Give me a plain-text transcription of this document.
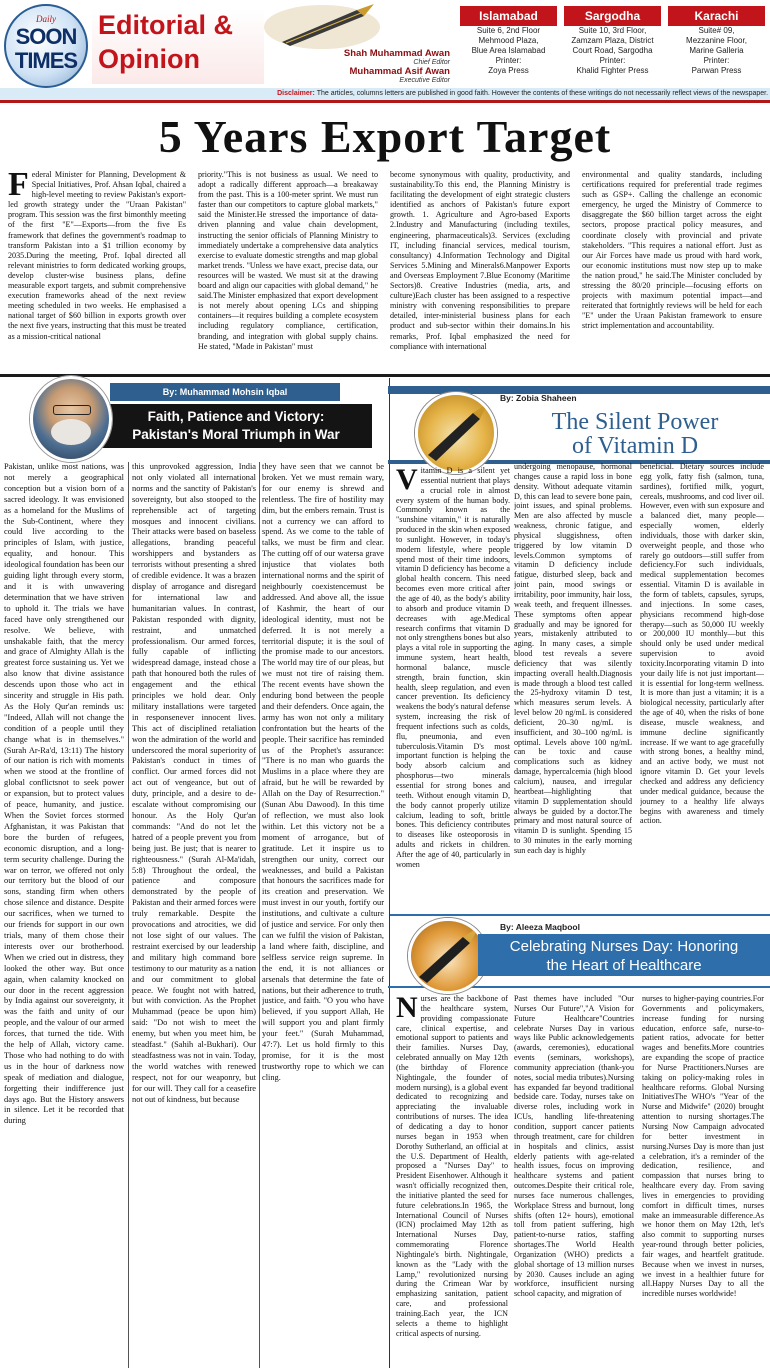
Daily
SOON
TIMES
Editorial &
Opinion	Shah Muhammad Awan
Chief Editor
Muhammad Asif Awan
Executive Editor
Islamabad
Suite 6, 2nd Floor
Mehmood Plaza,
Blue Area Islamabad
Printer:
Zoya Press
Sargodha
Suite 10, 3rd Floor,
Zamzam Plaza, District
Court Road, Sargodha
Printer:
Khalid Fighter Press
Karachi
Suite# 09,
Mezzanine Floor,
Marine Galleria
Printer:
Parwan Press
Disclaimer: The articles, columns letters are published in good faith. However the contents of these writings do not necessarily reflect views of the newspaper.
5 Years Export Target
Federal Minister for Planning, Development & Special Initiatives, Prof. Ahsan Iqbal, chaired a high-level meeting to review Pakistan's export-led growth strategy under the "Uraan Pakistan" program. This session was the first bimonthly meeting of the first "E"—Exports—from the five Es framework that defines the government's roadmap to transform Pakistan into a $1 trillion economy by 2035.During the meeting, Prof. Iqbal directed all relevant ministries to form dedicated working groups, develop cluster-wise business plans, define measurable export targets, and submit comprehensive execution frameworks ahead of the next review meeting scheduled in two weeks. He emphasised a national target of $60 billion in exports growth over the next five years, instructing that this must be treated as a mission-critical national
priority."This is not business as usual. We need to adopt a radically different approach—a breakaway from the past. This is a 100-meter sprint. We must run faster than our competitors to capture global markets," said the Minister.He stressed the importance of data-driven planning and value chain development, instructing the senior officials of Planning Ministry to immediately undertake a comprehensive data analytics exercise to evaluate domestic strengths and map global market trends. "Unless we have exact, precise data, our resources will be wasted. We must sit at the drawing board and align our capacities with global demand," he said.The Minister emphasized that export development is not merely about opening LCs and shipping containers—it requires building a complete ecosystem including regulatory compliance, certification, branding, and integration with global supply chains. He stated, "Made in Pakistan" must
become synonymous with quality, productivity, and sustainability.To this end, the Planning Ministry is facilitating the development of eight strategic clusters identified as anchors of Pakistan's future export growth. 1. Agriculture and Agro-based Exports 2.Industry and Manufacturing (including textiles, engineering, pharmaceuticals)3. Services (excluding IT, including financial services, medical tourism, consultancy) 4.Information Technology and Digital Services 5.Mining and Minerals6.Manpower Exports and Overseas Employment 7.Blue Economy (Maritime Sectors)8. Creative Industries (media, arts, and culture)Each cluster has been assigned to a respective ministry with convening responsibilities to prepare detailed, inter-ministerial business plans for each product and sub-sector within their domains.In his remarks, Prof. Iqbal emphasized the need for compliance with international
environmental and quality standards, including certifications required for preferential trade regimes such as GSP+. Calling the challenge an economic emergency, he urged the Ministry of Commerce to disaggregate the $60 billion target across the eight sectors, propose practical policy measures, and coordinate closely with provincial and private stakeholders. "This requires a national effort. Just as our Air Forces have made us proud with hard work, our economic institutions must now step up to make the nation proud," he said.The Minister concluded by stressing the 80/20 principle—focusing efforts on projects with maximum potential impact—and reiterated that fortnightly reviews will be held for each "E" under the Uraan Pakistan framework to ensure strict implementation and accountability.
By: Muhammad Mohsin Iqbal
Faith, Patience and Victory:
Pakistan's Moral Triumph in War
Pakistan, unlike most nations, was not merely a geographical conception but a vision born of a sacred ideology. It was envisioned as a homeland for the Muslims of the Sub-Continent, where they could live according to the principles of Islam, with justice, equality, and honour. This ideological foundation has been our guiding light through every storm, and it is with unwavering determination that we have striven to uphold it. The trials we have faced have only strengthened our resolve. We believe, with unshakable faith, that the mercy and grace of Almighty Allah is the greatest force sustaining us. Yet we also know that divine assistance descends upon those who act in sincerity and struggle in His path. As the Holy Qur'an reminds us: "Indeed, Allah will not change the condition of a people until they change what is in themselves." (Surah Ar-Ra'd, 13:11) The history of our nation is rich with moments when we stood at the frontline of global conflictsnot to seek power or expansion, but to protect values of peace, humanity, and justice. When the Soviet forces stormed Afghanistan, it was Pakistan that bore the burden of refugees, economic disruption, and a long-term security challenge. During the war on terror, we offered not only our territory but the blood of our sons, standing firm when others chose silence and distance. Despite our sacrifices, when we turned to our friends for support in our own trials, many of them chose their interests over our brotherhood. When we cried out in distress, they looked the other way. But once again, when calamity knocked on our door in the recent aggression by India against our sovereignty, it was the faith and unity of our people, and the valour of our armed forces, that turned the tide. With the help of Allah, victory came. Those who had nothing to do with us in the hour of darkness now speak of mediation and dialogue, forgetting their indifference just days ago. But the History answers in silence. Let it be recorded that during
this unprovoked aggression, India not only violated all international norms and the sanctity of Pakistan's sovereignty, but also stooped to the reprehensible act of targeting mosques and innocent civilians. Their attacks were based on baseless allegations, branding peaceful worshippers and bystanders as terrorists without presenting a shred of credible evidence. It was a brazen display of arrogance and disregard for international law and humanitarian values. In contrast, Pakistan responded with dignity, restraint, and unmatched professionalism. Our armed forces, fully capable of inflicting widespread damage, instead chose a path that honoured both the rules of engagement and the ethical principles we hold dear. Only military installations were targeted in responsenever innocent lives. This act of disciplined retaliation won the admiration of the world and underscored the moral superiority of Pakistan's conduct in times of conflict. Our armed forces did not act out of vengeance, but out of duty, principle, and a desire to de-escalate without compromising our honour. As the Holy Qur'an commands: "And do not let the hatred of a people prevent you from being just. Be just; that is nearer to righteousness." (Surah Al-Ma'idah, 5:8) Throughout the ordeal, the patience and composure demonstrated by the people of Pakistan and their armed forces were truly remarkable. Despite the provocations and atrocities, we did not lose sight of our values. The restraint exercised by our leadership and military high command bore testimony to our maturity as a nation and our commitment to global peace. We fought not with hatred, but with conviction. As the Prophet Muhammad (peace be upon him) said: "Do not wish to meet the enemy, but when you meet him, be steadfast." (Sahih al-Bukhari). Our steadfastness was not in vain. Today, the world watches with renewed respect, not for our weaponry, but for our will. They call for a ceasefire not out of kindness, but because
they have seen that we cannot be broken. Yet we must remain wary, for our enemy is shrewd and relentless. The fire of hostility may dim, but the embers remain. Trust is not a currency we can afford to spend. As we come to the table of talks, we must be firm and clear. The cutting off of our watersa grave injustice that violates both international norms and the spirit of neighbourly coexistencemust be addressed. And above all, the issue of Kashmir, the heart of our ideological identity, must not be deferred. It is not merely a territorial dispute; it is the soul of the promise made to our ancestors. The world may tire of our pleas, but we must not tire of raising them. The recent events have shown the enduring bond between the people and their defenders. Once again, the army has won not only a military confrontation but the hearts of the people. Their sacrifice has reminded us of the Prophet's assurance: "There is no man who guards the Muslims in a place where they are afraid, but he will be rewarded by Allah on the Day of Resurrection." (Sunan Abu Dawood). In this time of reflection, we must also look within. Let this victory not be a moment of arrogance, but of gratitude. Let it inspire us to strengthen our unity, correct our weaknesses, and build a Pakistan that honours the sacrifices made for its creation and preservation. We must invest in our youth, fortify our institutions, and cultivate a culture of justice and service. For only then can we fulfil the vision of Pakistan, a land where faith, discipline, and selfless service reign supreme. In the end, it is not alliances or arsenals that determine the fate of nations, but their adherence to truth, justice, and faith. "O you who have believed, if you support Allah, He will support you and plant firmly your feet." (Surah Muhammad, 47:7). Let us hold firmly to this promise, for it is the most trustworthy rope to which we can cling.
By: Zobia Shaheen
The Silent Power
of Vitamin D
Vitamin D is a silent yet essential nutrient that plays a crucial role in almost every system of the human body. Commonly known as the "sunshine vitamin," it is naturally produced in the skin when exposed to sunlight. However, in today's modern lifestyle, where people spend most of their time indoors, vitamin D deficiency has become a global health concern. This need becomes even more critical after the age of 40, as the body's ability to absorb and produce vitamin D decreases with age.Medical research confirms that vitamin D not only strengthens bones but also plays a vital role in supporting the immune system, heart health, hormonal balance, muscle strength, brain function, skin health, sleep regulation, and even cancer prevention. Its deficiency weakens the body's natural defense system, increasing the risk of frequent infections such as colds, flu, pneumonia, and even tuberculosis.Vitamin D's most important function is helping the body absorb calcium and phosphorus—two minerals essential for strong bones and teeth. Without enough vitamin D, the body cannot properly utilize calcium, leading to soft, brittle bones. This deficiency contributes to diseases like osteoporosis in adults and rickets in children. After the age of 40, particularly in women
undergoing menopause, hormonal changes cause a rapid loss in bone density. Without adequate vitamin D, this can lead to severe bone pain, joint issues, and spinal problems. Men are also affected by muscle weakness, chronic fatigue, and physical sluggishness, often triggered by low vitamin D levels.Common symptoms of vitamin D deficiency include fatigue, disturbed sleep, back and joint pain, mood swings or irritability, poor immunity, hair loss, weak teeth, and frequent illnesses. These symptoms often appear gradually and may be ignored for years, mistakenly attributed to aging. In many cases, a simple blood test reveals a severe deficiency that was silently impacting overall health.Diagnosis is made through a blood test called the 25-hydroxy vitamin D test, which measures serum levels. A level below 20 ng/mL is considered deficient, 20–30 ng/mL is insufficient, and 30–100 ng/mL is optimal. Levels above 100 ng/mL can be toxic and cause complications such as kidney damage, hypercalcemia (high blood calcium), nausea, and irregular heartbeat—highlighting that vitamin D supplementation should always be guided by a doctor.The primary and most natural source of vitamin D is sunlight. Spending 15 to 30 minutes in the early morning sun each day is highly
beneficial. Dietary sources include egg yolk, fatty fish (salmon, tuna, sardines), fortified milk, yogurt, cereals, mushrooms, and cod liver oil. However, even with sun exposure and a balanced diet, many people—especially women, elderly individuals, those with darker skin, overweight people, and those who rarely go outdoors—still suffer from deficiency.For such individuals, medical supplementation becomes essential. Vitamin D is available in the form of tablets, capsules, syrups, and injections. In some cases, physicians recommend high-dose therapy—such as 50,000 IU weekly or 200,000 IU monthly—but this should only be used under medical supervision to avoid toxicity.Incorporating vitamin D into your daily life is not just important—it is essential for long-term wellness. It is more than just a vitamin; it is a biological necessity, particularly after the age of 40, when the risks of bone disease, muscle weakness, and immune decline significantly increase. If we want to age gracefully with strong bones, a healthy mind, and an active body, we must not ignore vitamin D. Get your levels checked and address any deficiency under medical guidance, because the journey to a healthy life always begins with awareness and timely action.
By: Aleeza Maqbool
Celebrating Nurses Day: Honoring
the Heart of Healthcare
Nurses are the backbone of the healthcare system, providing compassionate care, clinical expertise, and emotional support to patients and their families. Nurses Day, celebrated annually on May 12th (the birthday of Florence Nightingale, the founder of modern nursing), is a global event dedicated to recognizing and appreciating the invaluable contributions of nurses. The idea of dedicating a day to honor nurses began in 1953 when Dorothy Sutherland, an official at the U.S. Department of Health, proposed a "Nurses Day" to President Eisenhower. Although it wasn't officially recognized then, the initiative planted the seed for future celebrations.In 1965, the International Council of Nurses (ICN) proclaimed May 12th as International Nurses Day, commemorating Florence Nightingale's birth. Nightingale, known as the "Lady with the Lamp," revolutionized nursing during the Crimean War by emphasizing sanitation, patient care, and professional training.Each year, the ICN selects a theme to highlight critical aspects of nursing.
Past themes have included "Our Nurses Our Future","A Vision for Future Healthcare"Countries celebrate Nurses Day in various ways like Public acknowledgements (awards, ceremonies), educational events (seminars, workshops), community appreciation (thank-you notes, social media tributes).Nursing has expanded far beyond traditional bedside care. Today, nurses take on diverse roles, including work in ICUs, handling life-threatening condition, support cancer patients through treatment, care for children in hospitals and clinics, assist elderly patients with age-related health issues, focus on improving healthcare systems and patient outcomes.Despite their critical role, nurses face numerous challenges, Workplace Stress and burnout, long shifts (often 12+ hours), emotional toll from patient suffering, high patient-to-nurse ratios, staffing shortages.The World Health Organization (WHO) predicts a global shortage of 13 million nurses by 2030. Causes include an aging workforce, insufficient nursing school capacity, and migration of
nurses to higher-paying countries.For Governments and policymakers, increase funding for nursing education, enforce safe, nurse-to-patient ratios, advocate for better wages and benefits.More countries are expanding the scope of practice for Nurse Practitioners.Nurses are taking on policy-making roles in healthcare reforms. Global Nursing InitiativesThe WHO's "Year of the Nurse and Midwife" (2020) brought attention to nursing shortages.The Nursing Now Campaign advocated for better investment in nursing.Nurses Day is more than just a celebration, it's a reminder of the dedication, resilience, and compassion that nurses bring to healthcare every day. From saving lives in emergencies to providing comfort in difficult times, nurses make an immeasurable difference.As we honor them on May 12th, let's also commit to supporting nurses year-round through better policies, fair wages, and heartfelt gratitude. Because when we invest in nurses, we invest in a healthier future for all.Happy Nurses Day to all the incredible nurses worldwide!
